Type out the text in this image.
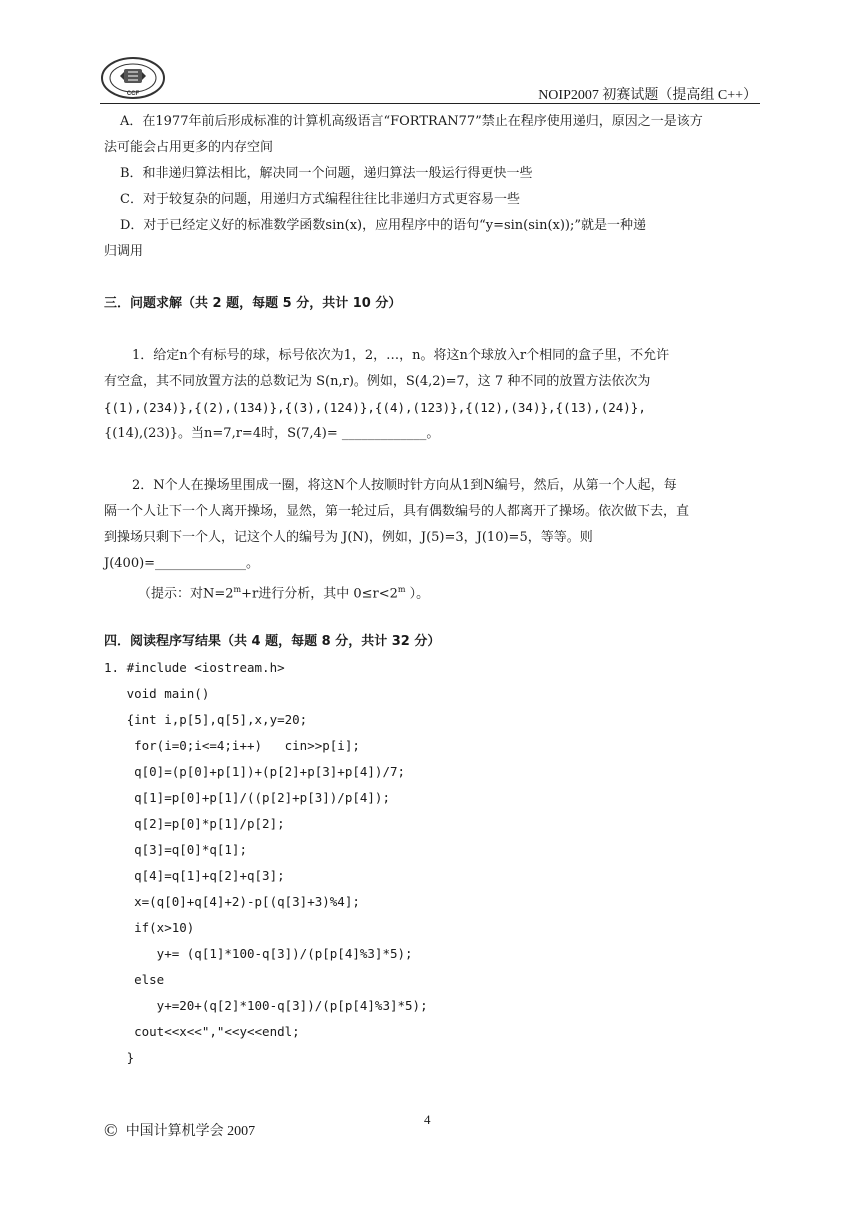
CCF	NOIP2007 初赛试题（提高组 C++）
A．在1977年前后形成标准的计算机高级语言“FORTRAN77”禁止在程序使用递归，原因之一是该方
法可能会占用更多的内存空间
B．和非递归算法相比，解决同一个问题，递归算法一般运行得更快一些
C．对于较复杂的问题，用递归方式编程往往比非递归方式更容易一些
D．对于已经定义好的标准数学函数sin(x)，应用程序中的语句“y=sin(sin(x));”就是一种递
归调用
三．问题求解（共 2 题，每题 5 分，共计 10 分）
1．给定n个有标号的球，标号依次为1，2，…，n。将这n个球放入r个相同的盒子里，不允许
有空盒，其不同放置方法的总数记为 S(n,r)。例如，S(4,2)=7，这 7 种不同的放置方法依次为
{(1),(234)},{(2),(134)},{(3),(124)},{(4),(123)},{(12),(34)},{(13),(24)},
{(14),(23)}。当n=7,r=4时，S(7,4)= _____________。
2．N个人在操场里围成一圈，将这N个人按顺时针方向从1到N编号，然后，从第一个人起，每
隔一个人让下一个人离开操场，显然，第一轮过后，具有偶数编号的人都离开了操场。依次做下去，直
到操场只剩下一个人，记这个人的编号为 J(N)，例如，J(5)=3，J(10)=5，等等。则
J(400)=______________。
（提示：对$N=2^m+r$进行分析，其中 $0\le r<2^m$ ）。
四．阅读程序写结果（共 4 题，每题 8 分，共计 32 分）
1. #include <iostream.h>
void main()
{int i,p[5],q[5],x,y=20;
for(i=0;i<=4;i++)   cin>>p[i];
q[0]=(p[0]+p[1])+(p[2]+p[3]+p[4])/7;
q[1]=p[0]+p[1]/((p[2]+p[3])/p[4]);
q[2]=p[0]*p[1]/p[2];
q[3]=q[0]*q[1];
q[4]=q[1]+q[2]+q[3];
x=(q[0]+q[4]+2)-p[(q[3]+3)%4];
if(x>10)
y+= (q[1]*100-q[3])/(p[p[4]%3]*5);
else
y+=20+(q[2]*100-q[3])/(p[p[4]%3]*5);
cout<<x<<","<<y<<endl;
}
4
© 中国计算机学会 2007
